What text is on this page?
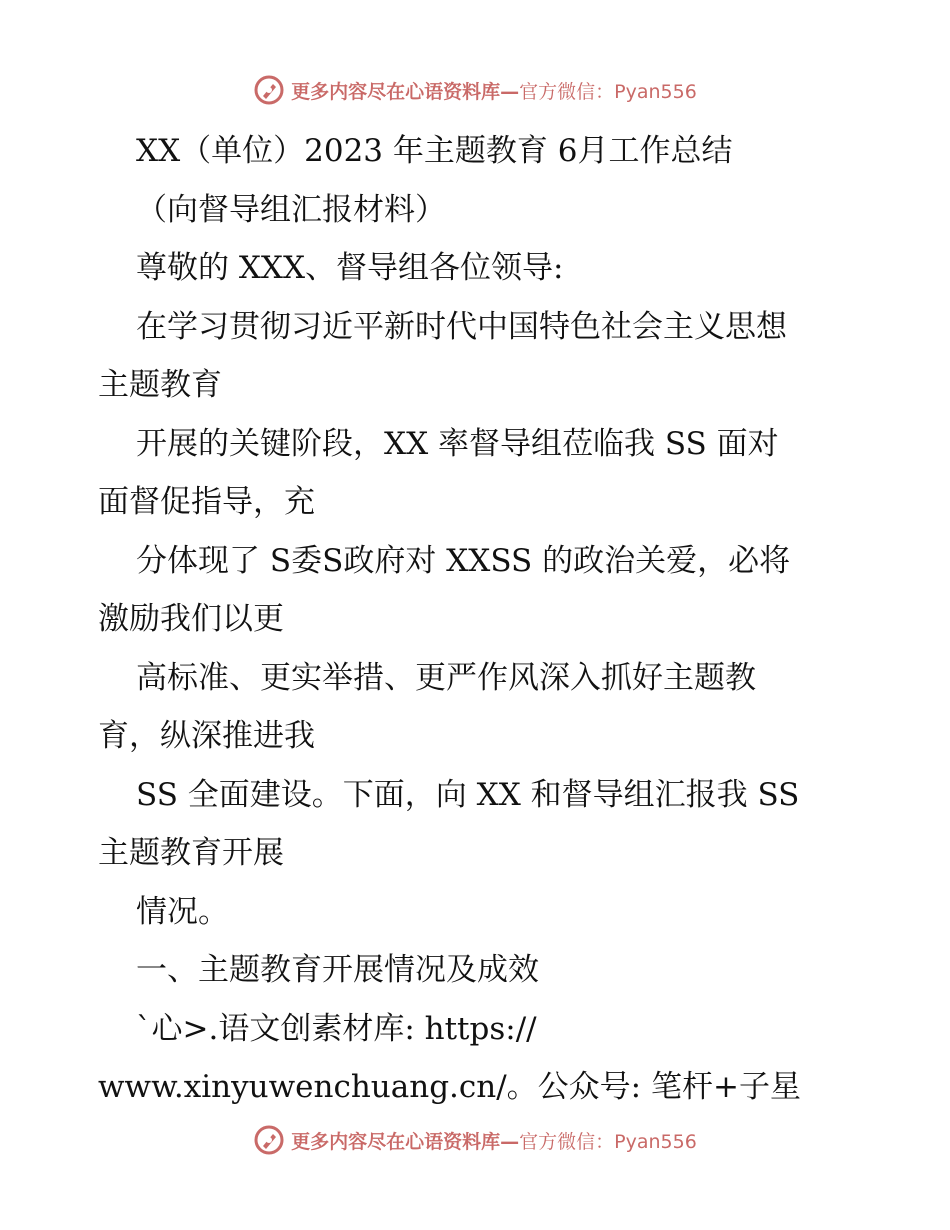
更多内容尽在心语资料库— 官方微信：Pyan556
XX（单位）2023 年主题教育 6月工作总结
（向督导组汇报材料）
尊敬的 XXX、督导组各位领导:
在学习贯彻习近平新时代中国特色社会主义思想
主题教育
开展的关键阶段，XX 率督导组莅临我 SS 面对
面督促指导，充
分体现了 S委S政府对 XXSS 的政治关爱，必将
激励我们以更
高标准、更实举措、更严作风深入抓好主题教
育，纵深推进我
SS 全面建设。下面，向 XX 和督导组汇报我 SS
主题教育开展
情况。
一、主题教育开展情况及成效
`心>.语文创素材库: https://
www.xinyuwenchuang.cn/。公众号: 笔杆+子星
更多内容尽在心语资料库— 官方微信：Pyan556
